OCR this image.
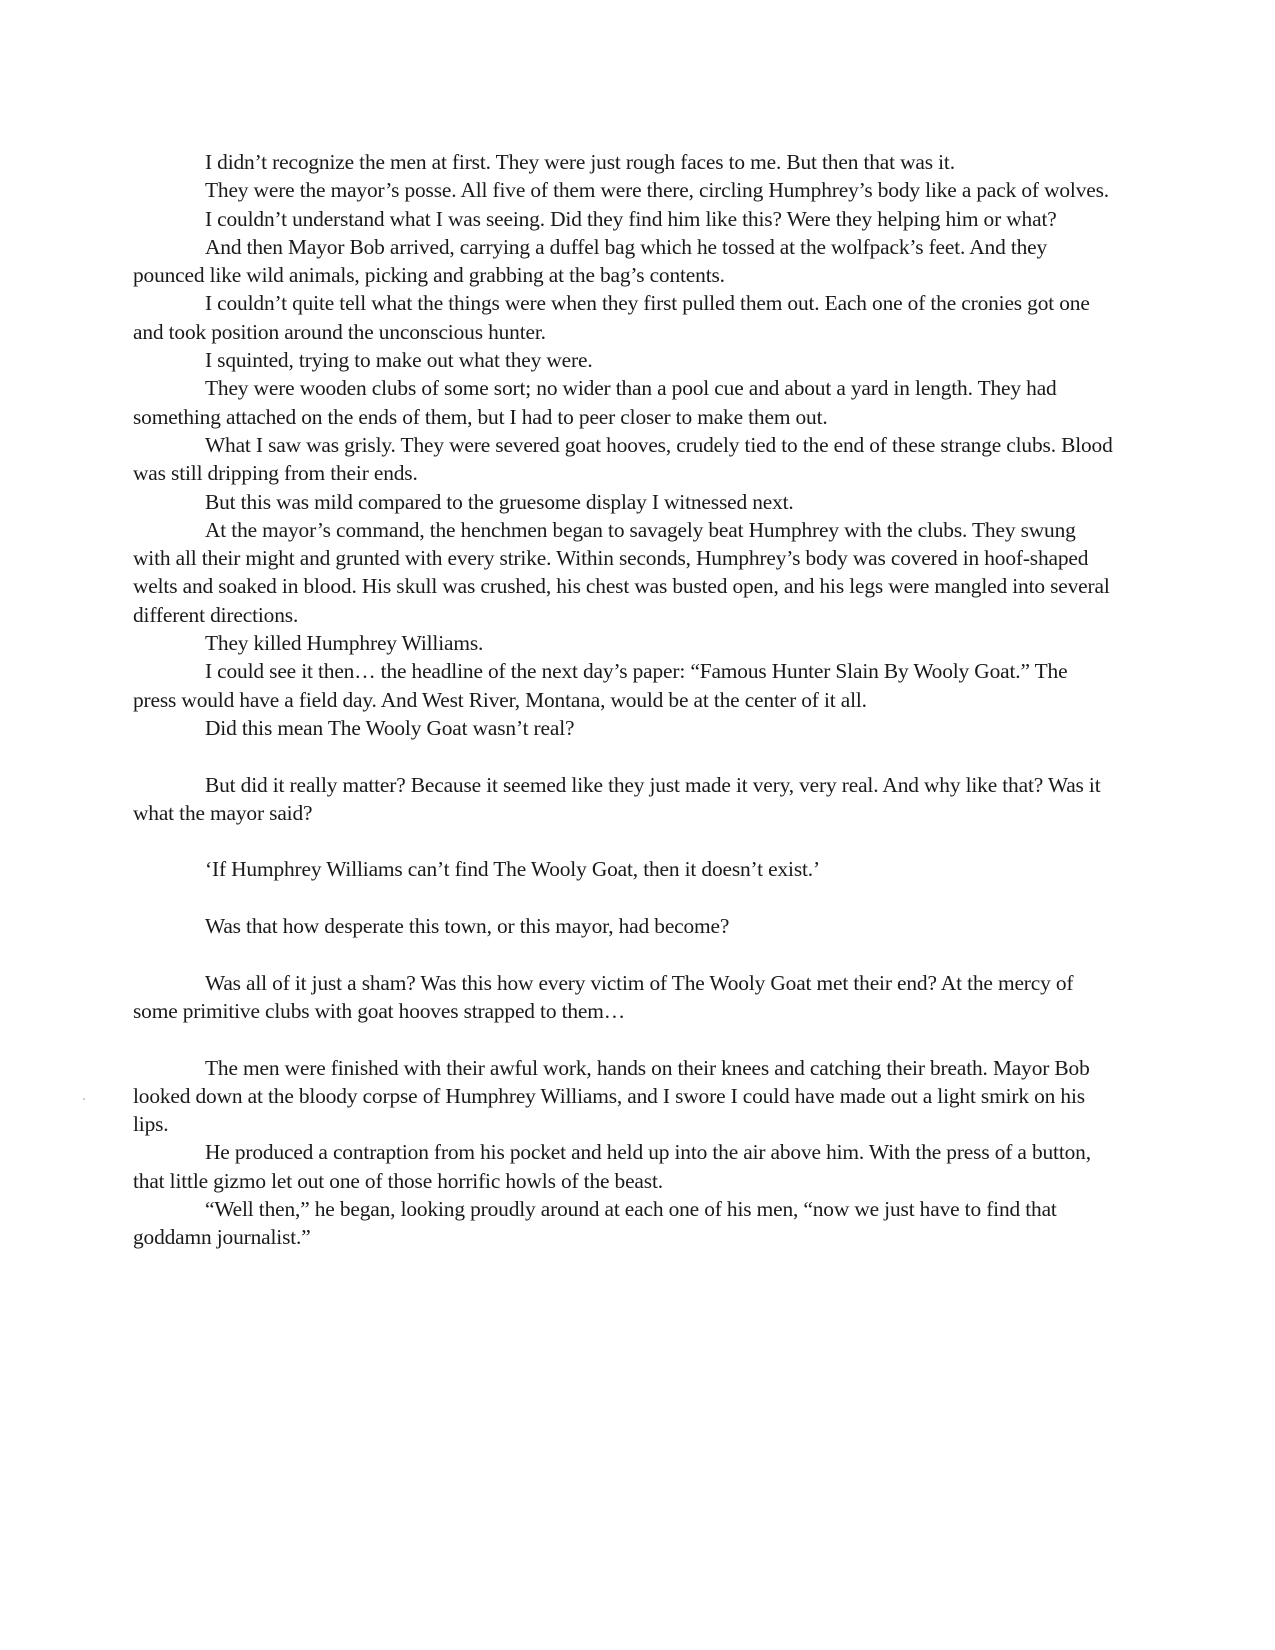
I didn’t recognize the men at first. They were just rough faces to me. But then that was it.

They were the mayor’s posse. All five of them were there, circling Humphrey’s body like a pack of wolves.

I couldn’t understand what I was seeing. Did they find him like this? Were they helping him or what?

And then Mayor Bob arrived, carrying a duffel bag which he tossed at the wolfpack’s feet. And they pounced like wild animals, picking and grabbing at the bag’s contents.

I couldn’t quite tell what the things were when they first pulled them out. Each one of the cronies got one and took position around the unconscious hunter.

I squinted, trying to make out what they were.

They were wooden clubs of some sort; no wider than a pool cue and about a yard in length. They had something attached on the ends of them, but I had to peer closer to make them out.

What I saw was grisly. They were severed goat hooves, crudely tied to the end of these strange clubs. Blood was still dripping from their ends.

But this was mild compared to the gruesome display I witnessed next.

At the mayor’s command, the henchmen began to savagely beat Humphrey with the clubs. They swung with all their might and grunted with every strike. Within seconds, Humphrey’s body was covered in hoof-shaped welts and soaked in blood. His skull was crushed, his chest was busted open, and his legs were mangled into several different directions.

They killed Humphrey Williams.

I could see it then… the headline of the next day’s paper: “Famous Hunter Slain By Wooly Goat.” The press would have a field day. And West River, Montana, would be at the center of it all.

Did this mean The Wooly Goat wasn’t real?

But did it really matter? Because it seemed like they just made it very, very real. And why like that? Was it what the mayor said?

‘If Humphrey Williams can’t find The Wooly Goat, then it doesn’t exist.’

Was that how desperate this town, or this mayor, had become?

Was all of it just a sham? Was this how every victim of The Wooly Goat met their end? At the mercy of some primitive clubs with goat hooves strapped to them…

The men were finished with their awful work, hands on their knees and catching their breath. Mayor Bob looked down at the bloody corpse of Humphrey Williams, and I swore I could have made out a light smirk on his lips.

He produced a contraption from his pocket and held up into the air above him. With the press of a button, that little gizmo let out one of those horrific howls of the beast.

“Well then,” he began, looking proudly around at each one of his men, “now we just have to find that goddamn journalist.”
